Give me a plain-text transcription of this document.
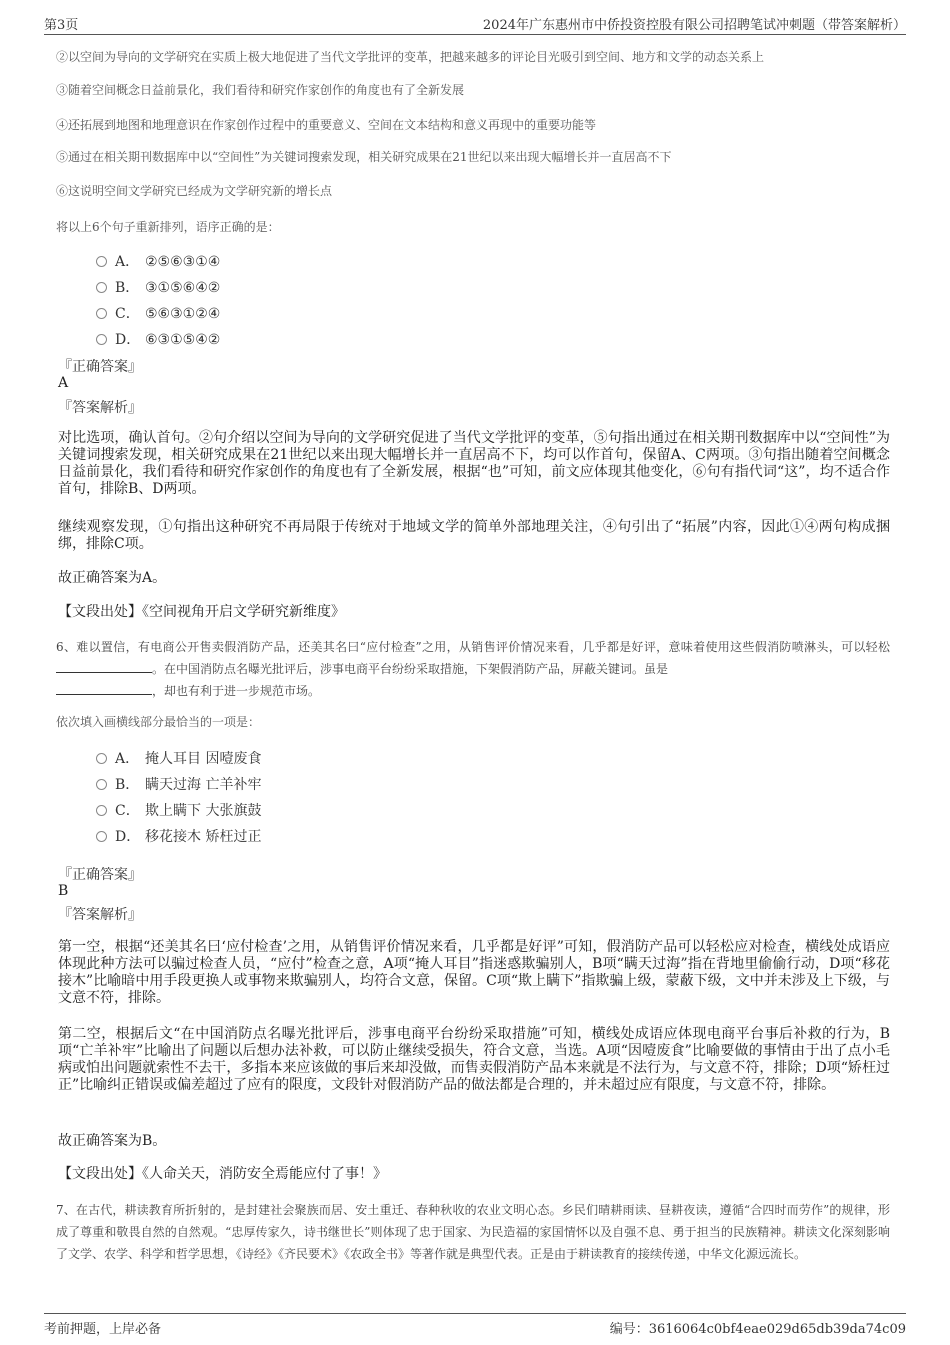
第3页	2024年广东惠州市中侨投资控股有限公司招聘笔试冲刺题（带答案解析）
②以空间为导向的文学研究在实质上极大地促进了当代文学批评的变革，把越来越多的评论目光吸引到空间、地方和文学的动态关系上
③随着空间概念日益前景化，我们看待和研究作家创作的角度也有了全新发展
④还拓展到地图和地理意识在作家创作过程中的重要意义、空间在文本结构和意义再现中的重要功能等
⑤通过在相关期刊数据库中以“空间性”为关键词搜索发现，相关研究成果在21世纪以来出现大幅增长并一直居高不下
⑥这说明空间文学研究已经成为文学研究新的增长点
将以上6个句子重新排列，语序正确的是：
A． ②⑤⑥③①④
B． ③①⑤⑥④②
C． ⑤⑥③①②④
D． ⑥③①⑤④②
『正确答案』
A
『答案解析』
对比选项，确认首句。②句介绍以空间为导向的文学研究促进了当代文学批评的变革，⑤句指出通过在相关期刊数据库中以“空间性”为关键词搜索发现，相关研究成果在21世纪以来出现大幅增长并一直居高不下，均可以作首句，保留A、C两项。③句指出随着空间概念日益前景化，我们看待和研究作家创作的角度也有了全新发展，根据“也”可知，前文应体现其他变化，⑥句有指代词“这”，均不适合作首句，排除B、D两项。
继续观察发现，①句指出这种研究不再局限于传统对于地域文学的简单外部地理关注，④句引出了“拓展”内容，因此①④两句构成捆绑，排除C项。
故正确答案为A。
【文段出处】《空间视角开启文学研究新维度》
6、难以置信，有电商公开售卖假消防产品，还美其名曰“应付检查”之用，从销售评价情况来看，几乎都是好评，意味着使用这些假消防喷淋头，可以轻松 。在中国消防点名曝光批评后，涉事电商平台纷纷采取措施，下架假消防产品，屏蔽关键词。虽是
，却也有利于进一步规范市场。
依次填入画横线部分最恰当的一项是：
A． 掩人耳目 因噎废食
B． 瞒天过海 亡羊补牢
C． 欺上瞒下 大张旗鼓
D． 移花接木 矫枉过正
『正确答案』
B
『答案解析』
第一空，根据“还美其名曰‘应付检查’之用，从销售评价情况来看，几乎都是好评”可知，假消防产品可以轻松应对检查，横线处成语应体现此种方法可以骗过检查人员，“应付”检查之意，A项“掩人耳目”指迷惑欺骗别人，B项“瞒天过海”指在背地里偷偷行动，D项“移花接木”比喻暗中用手段更换人或事物来欺骗别人，均符合文意，保留。C项“欺上瞒下”指欺骗上级，蒙蔽下级，文中并未涉及上下级，与文意不符，排除。
第二空，根据后文“在中国消防点名曝光批评后，涉事电商平台纷纷采取措施”可知，横线处成语应体现电商平台事后补救的行为，B项“亡羊补牢”比喻出了问题以后想办法补救，可以防止继续受损失，符合文意，当选。A项“因噎废食”比喻要做的事情由于出了点小毛病或怕出问题就索性不去干，多指本来应该做的事后来却没做，而售卖假消防产品本来就是不法行为，与文意不符，排除；D项“矫枉过正”比喻纠正错误或偏差超过了应有的限度，文段针对假消防产品的做法都是合理的，并未超过应有限度，与文意不符，排除。
故正确答案为B。
【文段出处】《人命关天，消防安全焉能应付了事！》
7、在古代，耕读教育所折射的，是封建社会聚族而居、安土重迁、春种秋收的农业文明心态。乡民们晴耕雨读、昼耕夜读，遵循“合四时而劳作”的规律，形成了尊重和敬畏自然的自然观。“忠厚传家久，诗书继世长”则体现了忠于国家、为民造福的家国情怀以及自强不息、勇于担当的民族精神。耕读文化深刻影响了文学、农学、科学和哲学思想，《诗经》《齐民要术》《农政全书》等著作就是典型代表。正是由于耕读教育的接续传递，中华文化源远流长。
考前押题，上岸必备	编号：3616064c0bf4eae029d65db39da74c09
